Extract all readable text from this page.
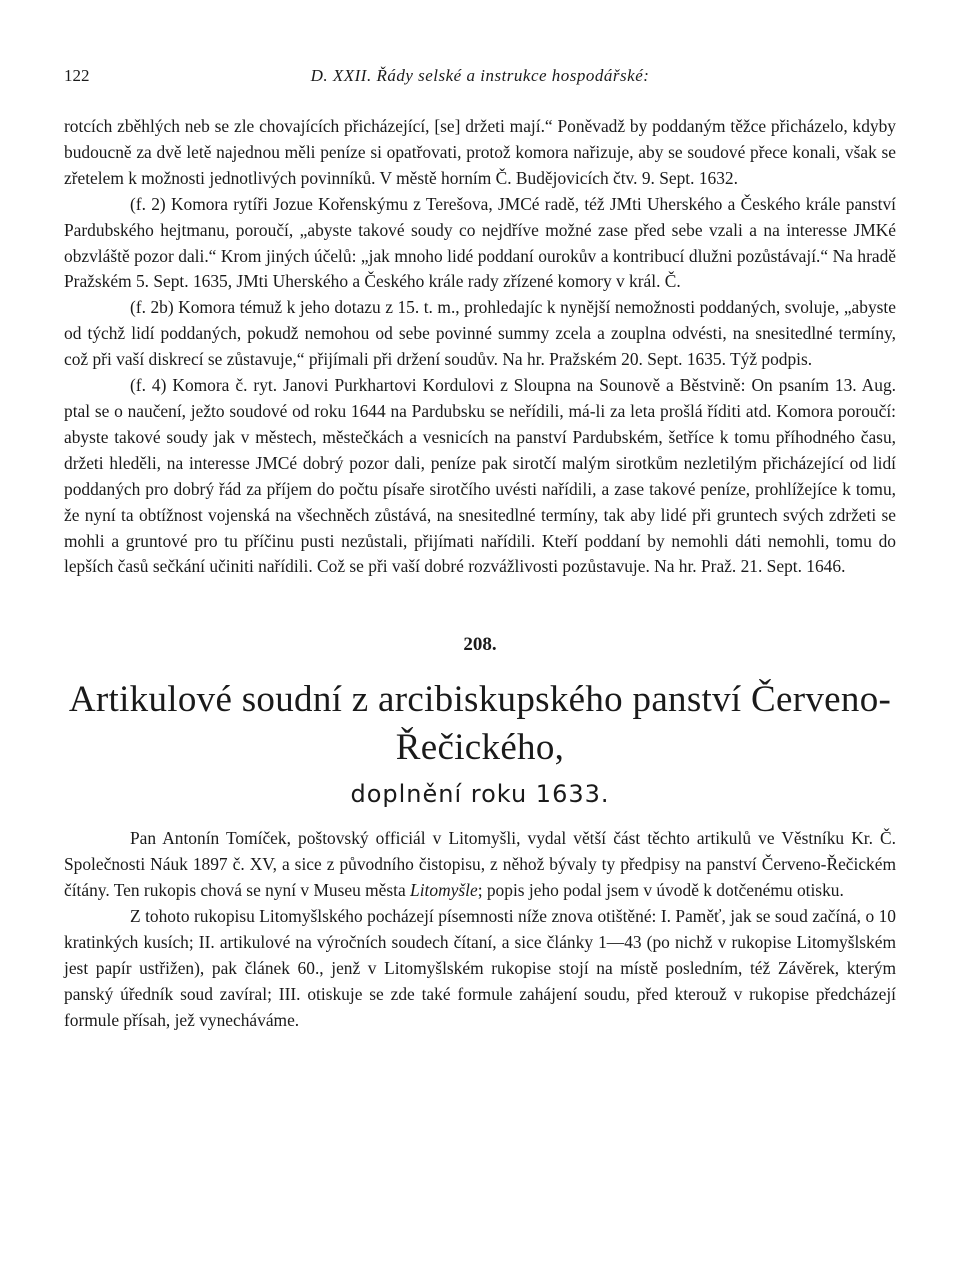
122	D. XXII. Řády selské a instrukce hospodářské:

rotcích zběhlých neb se zle chovajících přicházející, [se] držeti mají.“ Poněvadž by poddaným těžce přicházelo, kdyby budoucně za dvě letě najednou měli peníze si opatřovati, protož komora nařizuje, aby se soudové přece konali, však se zřetelem k možnosti jednotlivých povinníků. V městě horním Č. Budějovicích čtv. 9. Sept. 1632.

(f. 2) Komora rytíři Jozue Kořenskýmu z Terešova, JMCé radě, též JMti Uherského a Českého krále panství Pardubského hejtmanu, poroučí, „abyste takové soudy co nejdříve možné zase před sebe vzali a na interesse JMKé obzvláště pozor dali.“ Krom jiných účelů: „jak mnoho lidé poddaní ourokův a kontribucí dlužni pozůstávají.“ Na hradě Pražském 5. Sept. 1635, JMti Uherského a Českého krále rady zřízené komory v král. Č.

(f. 2b) Komora témuž k jeho dotazu z 15. t. m., prohledajíc k nynější nemožnosti poddaných, svoluje, „abyste od týchž lidí poddaných, pokudž nemohou od sebe povinné summy zcela a zouplna odvésti, na snesitedlné termíny, což při vaší diskrecí se zůstavuje,“ přijímali při držení soudův. Na hr. Pražském 20. Sept. 1635. Týž podpis.

(f. 4) Komora č. ryt. Janovi Purkhartovi Kordulovi z Sloupna na Sounově a Běstvině: On psaním 13. Aug. ptal se o naučení, ježto soudové od roku 1644 na Pardubsku se neřídili, má-li za leta prošlá říditi atd. Komora poroučí: abyste takové soudy jak v městech, městečkách a vesnicích na panství Pardubském, šetříce k tomu příhodného času, držeti hleděli, na interesse JMCé dobrý pozor dali, peníze pak sirotčí malým sirotkům nezletilým přicházející od lidí poddaných pro dobrý řád za příjem do počtu písaře sirotčího uvésti nařídili, a zase takové peníze, prohlížejíce k tomu, že nyní ta obtížnost vojenská na všechněch zůstává, na snesitedlné termíny, tak aby lidé při gruntech svých zdržeti se mohli a gruntové pro tu příčinu pusti nezůstali, přijímati nařídili. Kteří poddaní by nemohli dáti nemohli, tomu do lepších časů sečkání učiniti nařídili. Což se při vaší dobré rozvážlivosti pozůstavuje. Na hr. Praž. 21. Sept. 1646.

208.
Artikulové soudní z arcibiskupského panství Červeno-
Řečického,
doplnění roku 1633.

Pan Antonín Tomíček, poštovský officiál v Litomyšli, vydal větší část těchto artikulů ve Věstníku Kr. Č. Společnosti Náuk 1897 č. XV, a sice z původního čistopisu, z něhož bývaly ty předpisy na panství Červeno-Řečickém čítány. Ten rukopis chová se nyní v Museu města Litomyšle; popis jeho podal jsem v úvodě k dotčenému otisku.

Z tohoto rukopisu Litomyšlského pocházejí písemnosti níže znova otištěné: I. Paměť, jak se soud začíná, o 10 kratinkých kusích; II. artikulové na výročních soudech čítaní, a sice články 1—43 (po nichž v rukopise Litomyšlském jest papír ustřižen), pak článek 60., jenž v Litomyšlském rukopise stojí na místě posledním, též Závěrek, kterým panský úředník soud zavíral; III. otiskuje se zde také formule zahájení soudu, před kterouž v rukopise předcházejí formule přísah, jež vynecháváme.
